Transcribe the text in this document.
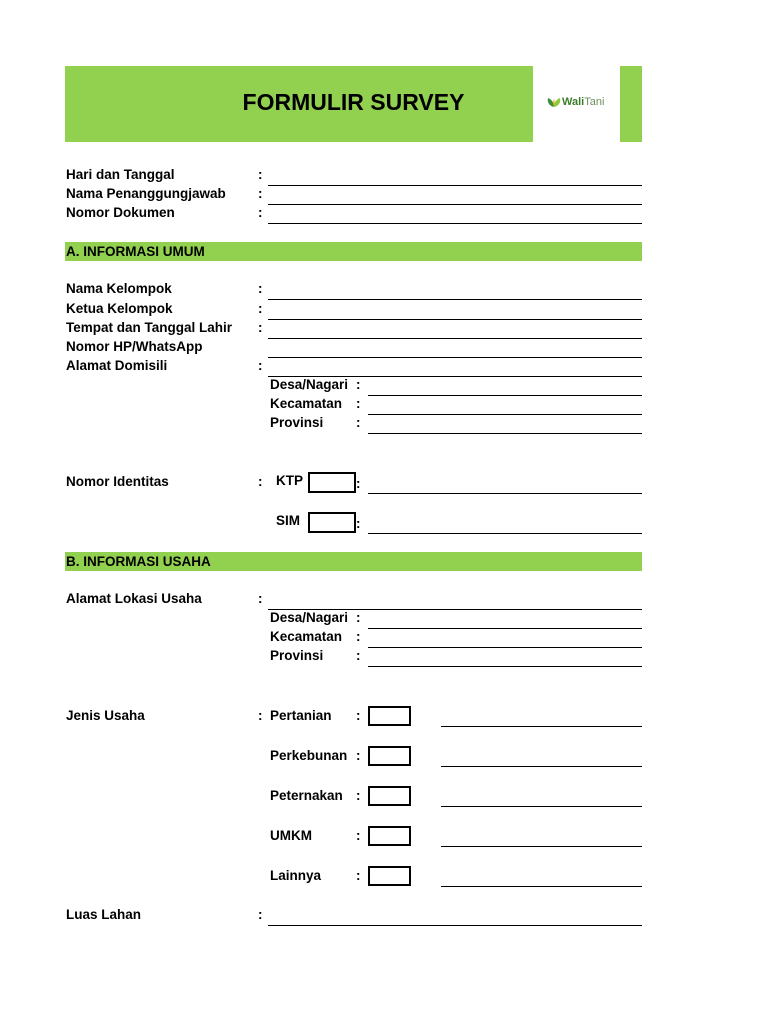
FORMULIR SURVEY	Wali Tani
Hari dan Tanggal	:
Nama Penanggungjawab :
Nomor Dokumen	:
A. INFORMASI UMUM
Nama Kelompok	:
Ketua Kelompok	:
Tempat dan Tanggal Lahir :
Nomor HP/WhatsApp
Alamat Domisili	:
Desa/Nagari :
Kecamatan :
Provinsi :
Nomor Identitas	: KTP	:
SIM	:
B. INFORMASI USAHA
Alamat Lokasi Usaha	:
Desa/Nagari :
Kecamatan :
Provinsi :
Jenis Usaha	: Pertanian :
Perkebunan :
Peternakan :
UMKM	:
Lainnya	:
Luas Lahan	:
